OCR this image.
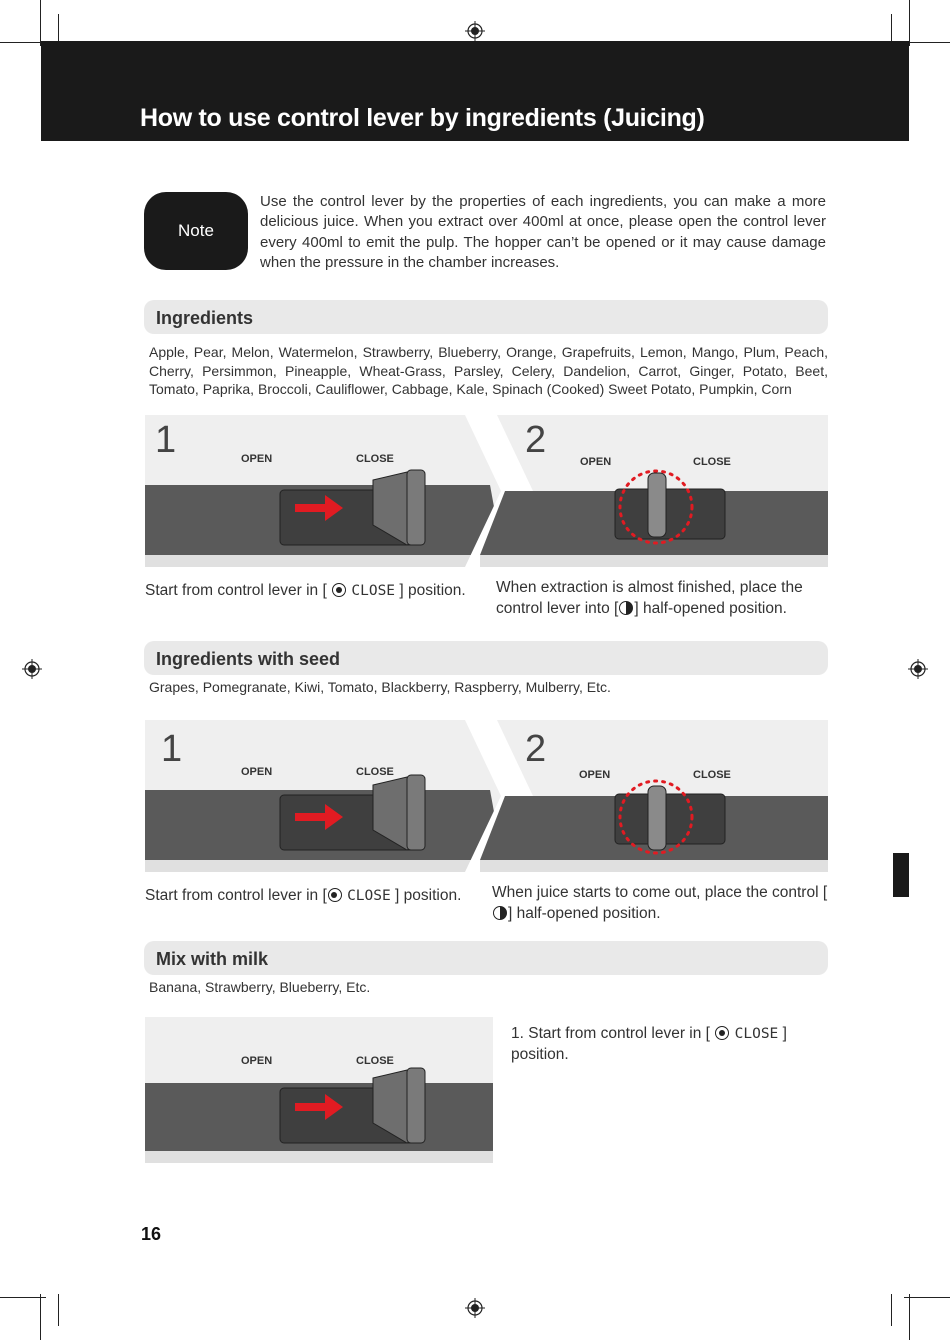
How to use control lever by ingredients (Juicing)
Note
Use the control lever by the properties of each ingredients, you can make a more delicious juice. When you extract over 400ml at once, please open the control lever every 400ml to emit the pulp. The hopper can’t be opened or it may cause damage when the pressure in the chamber increases.
Ingredients
Apple, Pear, Melon, Watermelon, Strawberry, Blueberry, Orange, Grapefruits, Lemon, Mango, Plum, Peach, Cherry, Persimmon, Pineapple, Wheat-Grass, Parsley, Celery, Dandelion, Carrot, Ginger, Potato, Beet, Tomato, Paprika, Broccoli, Cauliflower, Cabbage, Kale, Spinach (Cooked) Sweet Potato, Pumpkin, Corn

1	2
OPEN
	CLOSE	OPEN
	CLOSE
Start from control lever in [ CLOSE ] position.	When extraction is almost finished, place the control lever into [ ] half-opened position.
Ingredients with seed
Grapes, Pomegranate, Kiwi, Tomato, Blackberry, Raspberry, Mulberry, Etc.

1	2
OPEN
	CLOSE	OPEN
	CLOSE
Start from control lever in [ CLOSE ] position.	When juice starts to come out, place the control [] half-opened position.
Mix with milk
Banana, Strawberry, Blueberry, Etc.

OPEN
	CLOSE
1. Start from control lever in [ CLOSE ] position.
16
